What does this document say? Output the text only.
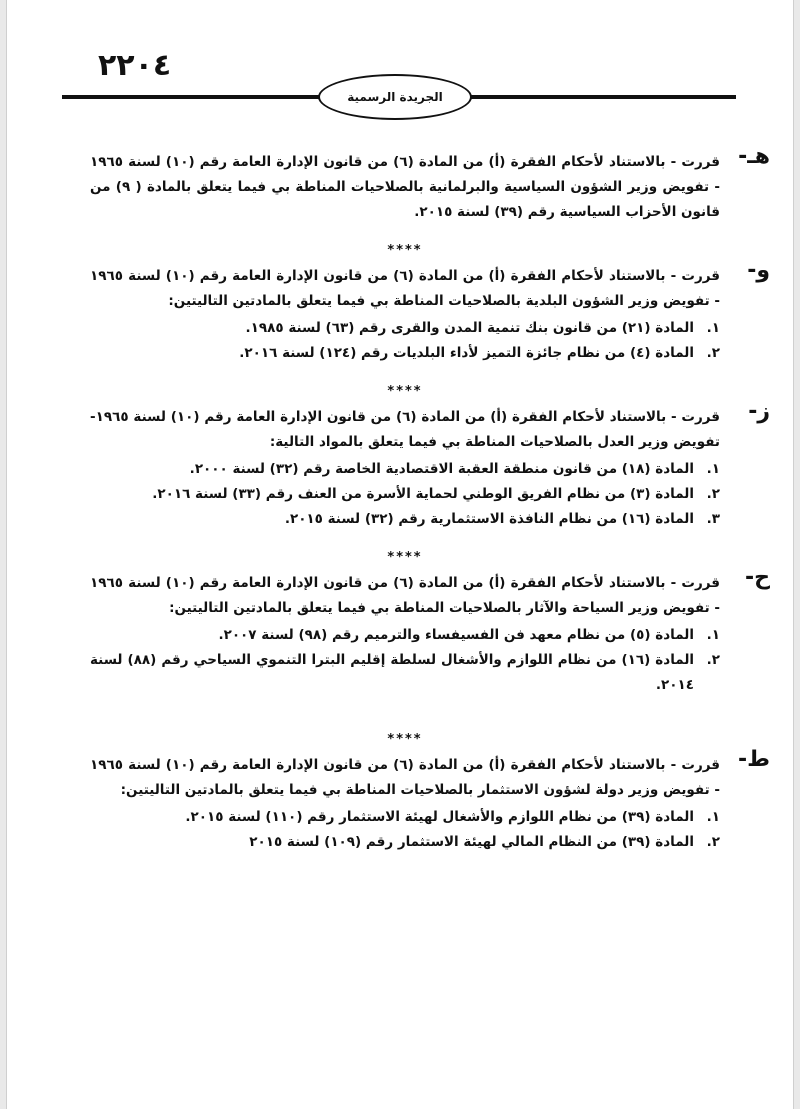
٢٢٠٤
الجريدة الرسمية
هـ-

قررت - بالاستناد لأحكام الفقرة (أ) من المادة (٦) من قانون الإدارة العامة رقم (١٠) لسنة ١٩٦٥ - تفويض وزير الشؤون السياسية والبرلمانية بالصلاحيات المناطة بي فيما يتعلق بالمادة ( ٩) من قانون الأحزاب السياسية رقم (٣٩) لسنة ٢٠١٥.

****
و-

قررت - بالاستناد لأحكام الفقرة (أ) من المادة (٦) من قانون الإدارة العامة رقم (١٠) لسنة ١٩٦٥ - تفويض وزير الشؤون البلدية بالصلاحيات المناطة بي فيما يتعلق بالمادتين التاليتين:

١.
المادة (٢١) من قانون بنك تنمية المدن والقرى رقم (٦٣) لسنة ١٩٨٥.
٢.
المادة (٤) من نظام جائزة التميز لأداء البلديات رقم (١٢٤) لسنة ٢٠١٦.
****
ز-

قررت - بالاستناد لأحكام الفقرة (أ) من المادة (٦) من قانون الإدارة العامة رقم (١٠) لسنة ١٩٦٥- تفويض وزير العدل بالصلاحيات المناطة بي فيما يتعلق بالمواد التالية:

١.
المادة (١٨) من قانون منطقة العقبة الاقتصادية الخاصة رقم (٣٢) لسنة ٢٠٠٠.
٢.
المادة (٣) من نظام الفريق الوطني لحماية الأسرة من العنف رقم (٣٣) لسنة ٢٠١٦.
٣.
المادة (١٦) من نظام النافذة الاستثمارية رقم (٣٢) لسنة ٢٠١٥.
****
ح-

قررت - بالاستناد لأحكام الفقرة (أ) من المادة (٦) من قانون الإدارة العامة رقم (١٠) لسنة ١٩٦٥ - تفويض وزير السياحة والآثار بالصلاحيات المناطة بي فيما يتعلق بالمادتين التاليتين:

١.
المادة (٥) من نظام معهد فن الفسيفساء والترميم رقم (٩٨) لسنة ٢٠٠٧.
٢.
المادة (١٦) من نظام اللوازم والأشغال لسلطة إقليم البترا التنموي السياحي رقم (٨٨) لسنة ٢٠١٤.
****
ط-

قررت - بالاستناد لأحكام الفقرة (أ) من المادة (٦) من قانون الإدارة العامة رقم (١٠) لسنة ١٩٦٥ - تفويض وزير دولة لشؤون الاستثمار بالصلاحيات المناطة بي فيما يتعلق بالمادتين التاليتين:

١.
المادة (٣٩) من نظام اللوازم والأشغال لهيئة الاستثمار رقم (١١٠) لسنة ٢٠١٥.
٢.
المادة (٣٩) من النظام المالي لهيئة الاستثمار رقم (١٠٩) لسنة ٢٠١٥
